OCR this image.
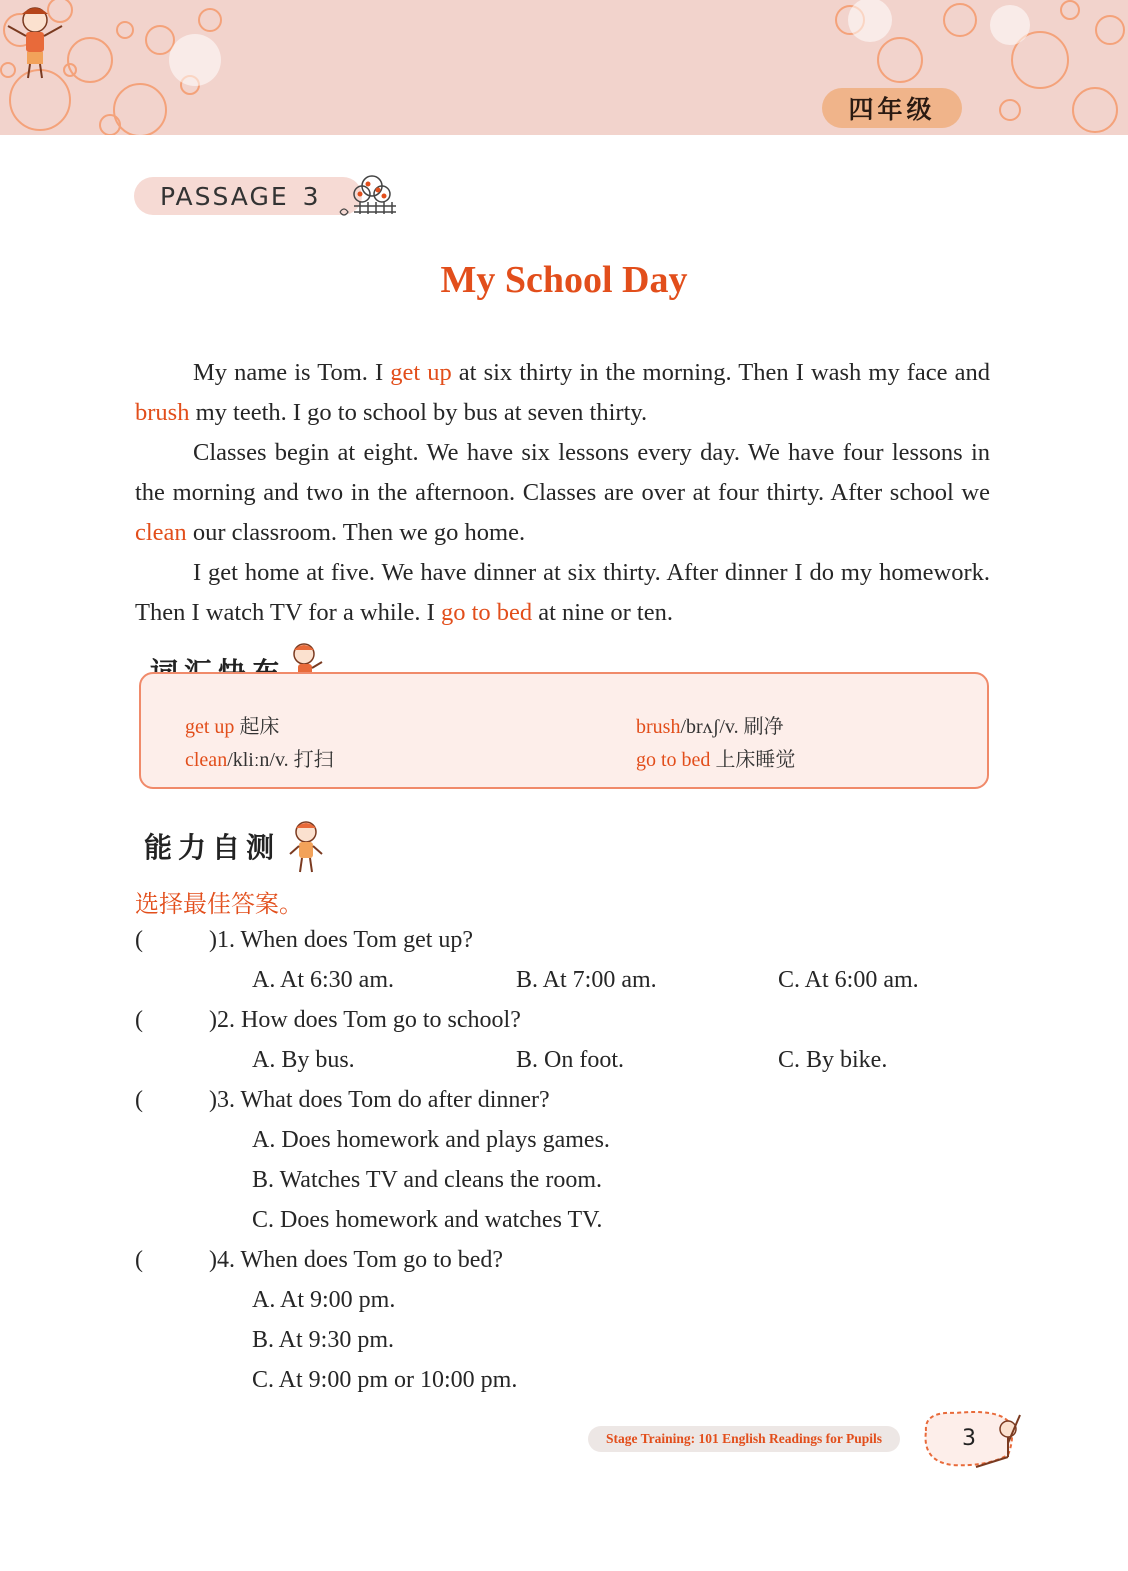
四年级
PASSAGE 3
My School Day

My name is Tom. I get up at six thirty in the morning. Then I wash my face and brush my teeth. I go to school by bus at seven thirty.

Classes begin at eight. We have six lessons every day. We have four lessons in the morning and two in the afternoon. Classes are over at four thirty. After school we clean our classroom. Then we go home.

I get home at five. We have dinner at six thirty. After dinner I do my homework. Then I watch TV for a while. I go to bed at nine or ten.

get up 起床	brush/brʌʃ/v. 刷净
clean/kliːn/v. 打扫	go to bed 上床睡觉
能力自测
选择最佳答案。
(	)1. When does Tom get up?
A. At 6:30 am.	B. At 7:00 am.	C. At 6:00 am.
(	)2. How does Tom go to school?
A. By bus.	B. On foot.	C. By bike.
(	)3. What does Tom do after dinner?
A. Does homework and plays games.
B. Watches TV and cleans the room.
C. Does homework and watches TV.
(	)4. When does Tom go to bed?
A. At 9:00 pm.
B. At 9:30 pm.
C. At 9:00 pm or 10:00 pm.
Stage Training: 101 English Readings for Pupils	3
